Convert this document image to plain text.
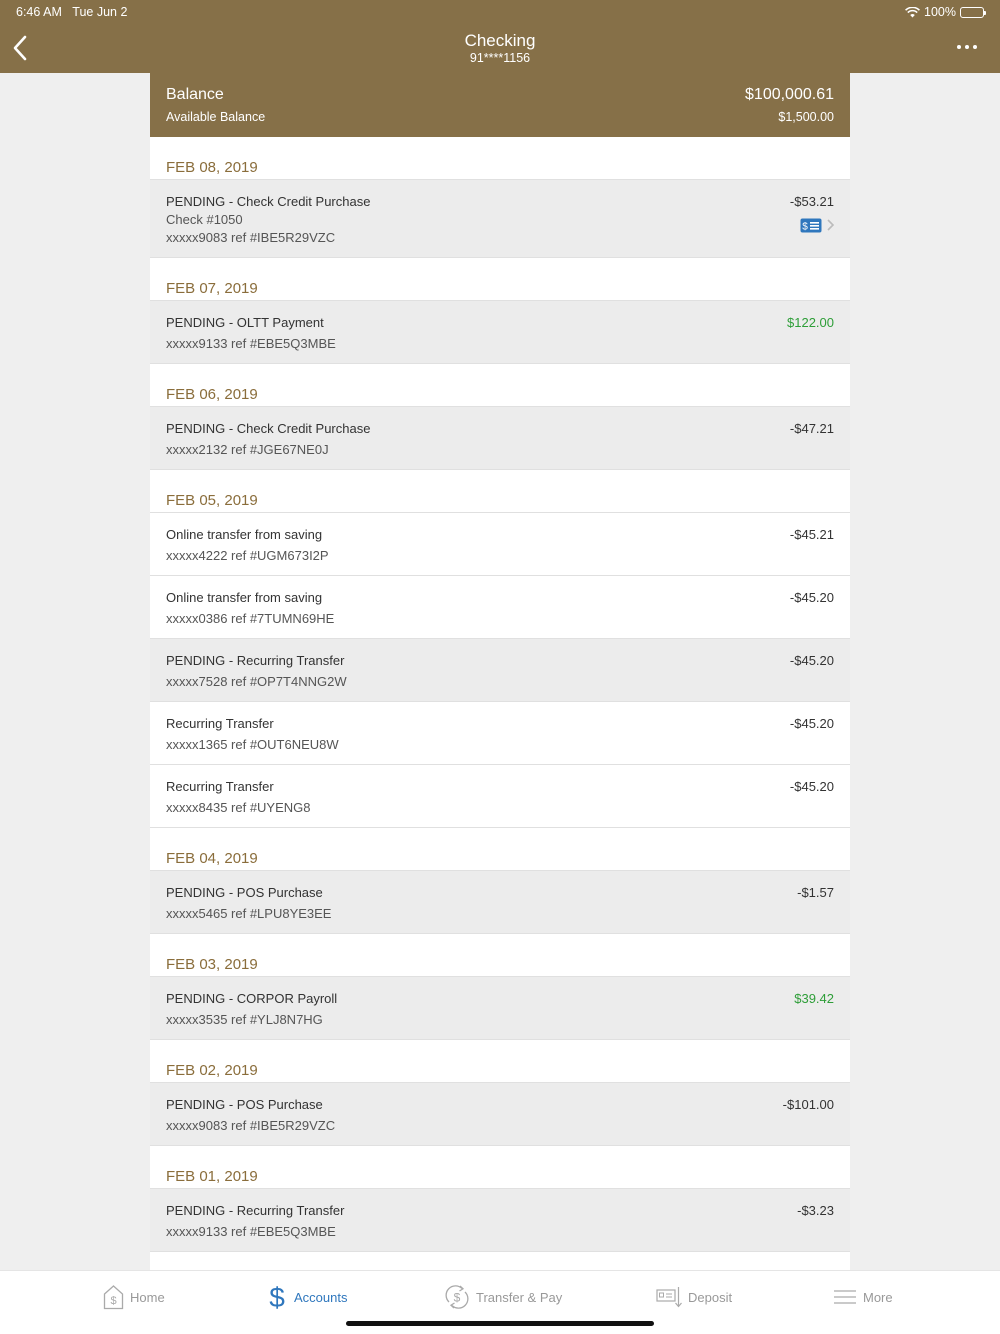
6:46 AM Tue Jun 2	100%
Checking
91****1156
Balance	$100,000.61
Available Balance	$1,500.00
FEB 08, 2019
PENDING - Check Credit Purchase
Check #1050
xxxxx9083 ref #IBE5R29VZC
-$53.21
$
FEB 07, 2019
PENDING - OLTT Payment
xxxxx9133 ref #EBE5Q3MBE
$122.00
FEB 06, 2019
PENDING - Check Credit Purchase
xxxxx2132 ref #JGE67NE0J
-$47.21
FEB 05, 2019
Online transfer from saving
xxxxx4222 ref #UGM673I2P
-$45.21
Online transfer from saving
xxxxx0386 ref #7TUMN69HE
-$45.20
PENDING - Recurring Transfer
xxxxx7528 ref #OP7T4NNG2W
-$45.20
Recurring Transfer
xxxxx1365 ref #OUT6NEU8W
-$45.20
Recurring Transfer
xxxxx8435 ref #UYENG8
-$45.20
FEB 04, 2019
PENDING - POS Purchase
xxxxx5465 ref #LPU8YE3EE
-$1.57
FEB 03, 2019
PENDING - CORPOR Payroll
xxxxx3535 ref #YLJ8N7HG
$39.42
FEB 02, 2019
PENDING - POS Purchase
xxxxx9083 ref #IBE5R29VZC
-$101.00
FEB 01, 2019
PENDING - Recurring Transfer
xxxxx9133 ref #EBE5Q3MBE
-$3.23
$ Home	$ Accounts	$ Transfer & Pay	Deposit	More
